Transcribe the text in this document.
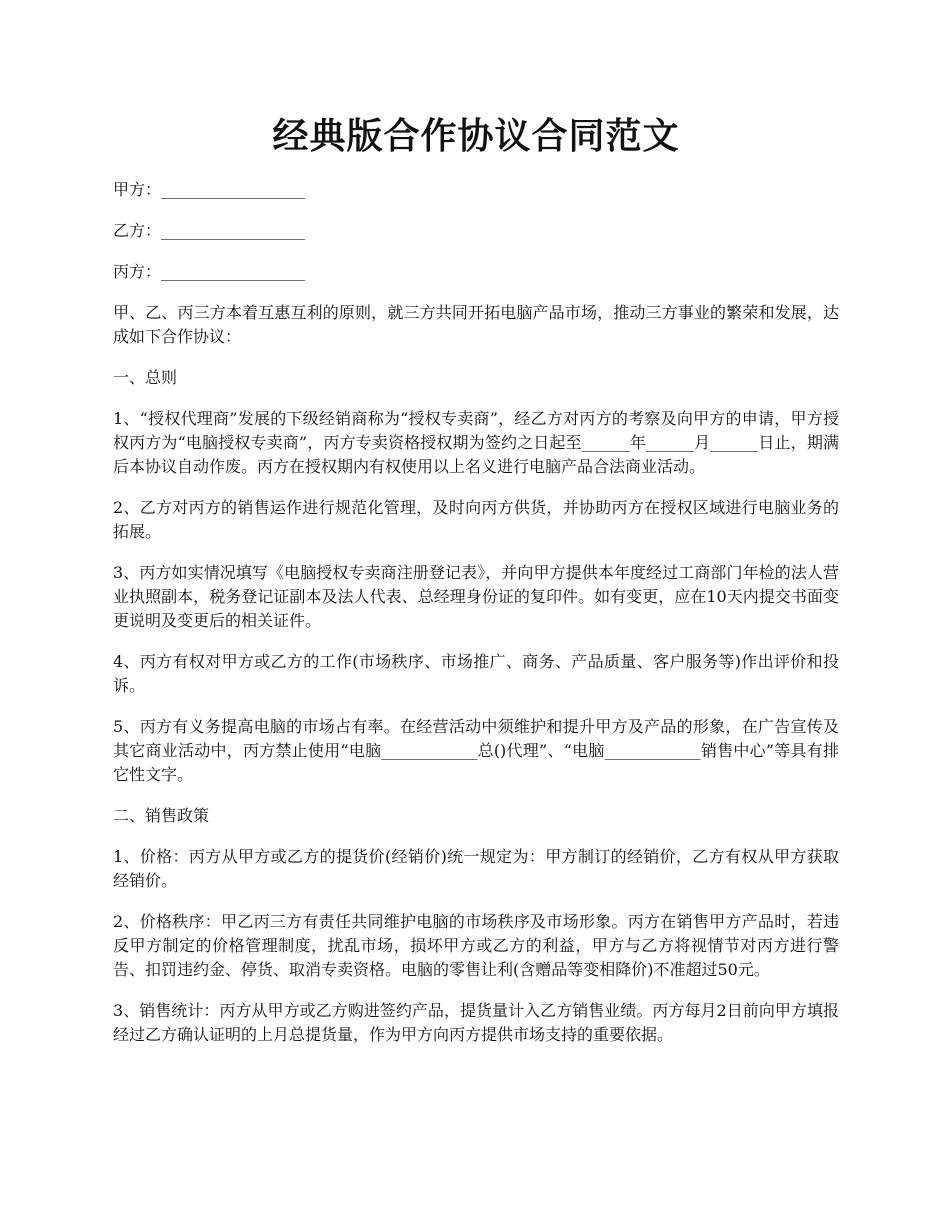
经典版合作协议合同范文

甲方：__________________

乙方：__________________

丙方：__________________

甲、乙、丙三方本着互惠互利的原则，就三方共同开拓电脑产品市场，推动三方事业的繁荣和发展，达成如下合作协议：

一、总则

1、“授权代理商”发展的下级经销商称为“授权专卖商”，经乙方对丙方的考察及向甲方的申请，甲方授权丙方为“电脑授权专卖商”，丙方专卖资格授权期为签约之日起至______年______月______日止，期满后本协议自动作废。丙方在授权期内有权使用以上名义进行电脑产品合法商业活动。

2、乙方对丙方的销售运作进行规范化管理，及时向丙方供货，并协助丙方在授权区域进行电脑业务的拓展。

3、丙方如实情况填写《电脑授权专卖商注册登记表》，并向甲方提供本年度经过工商部门年检的法人营业执照副本，税务登记证副本及法人代表、总经理身份证的复印件。如有变更，应在10天内提交书面变更说明及变更后的相关证件。

4、丙方有权对甲方或乙方的工作(市场秩序、市场推广、商务、产品质量、客户服务等)作出评价和投诉。

5、丙方有义务提高电脑的市场占有率。在经营活动中须维护和提升甲方及产品的形象，在广告宣传及其它商业活动中，丙方禁止使用“电脑____________总()代理”、“电脑____________销售中心”等具有排它性文字。

二、销售政策

1、价格：丙方从甲方或乙方的提货价(经销价)统一规定为：甲方制订的经销价，乙方有权从甲方获取经销价。

2、价格秩序：甲乙丙三方有责任共同维护电脑的市场秩序及市场形象。丙方在销售甲方产品时，若违反甲方制定的价格管理制度，扰乱市场，损坏甲方或乙方的利益，甲方与乙方将视情节对丙方进行警告、扣罚违约金、停货、取消专卖资格。电脑的零售让利(含赠品等变相降价)不准超过50元。

3、销售统计：丙方从甲方或乙方购进签约产品，提货量计入乙方销售业绩。丙方每月2日前向甲方填报经过乙方确认证明的上月总提货量，作为甲方向丙方提供市场支持的重要依据。
